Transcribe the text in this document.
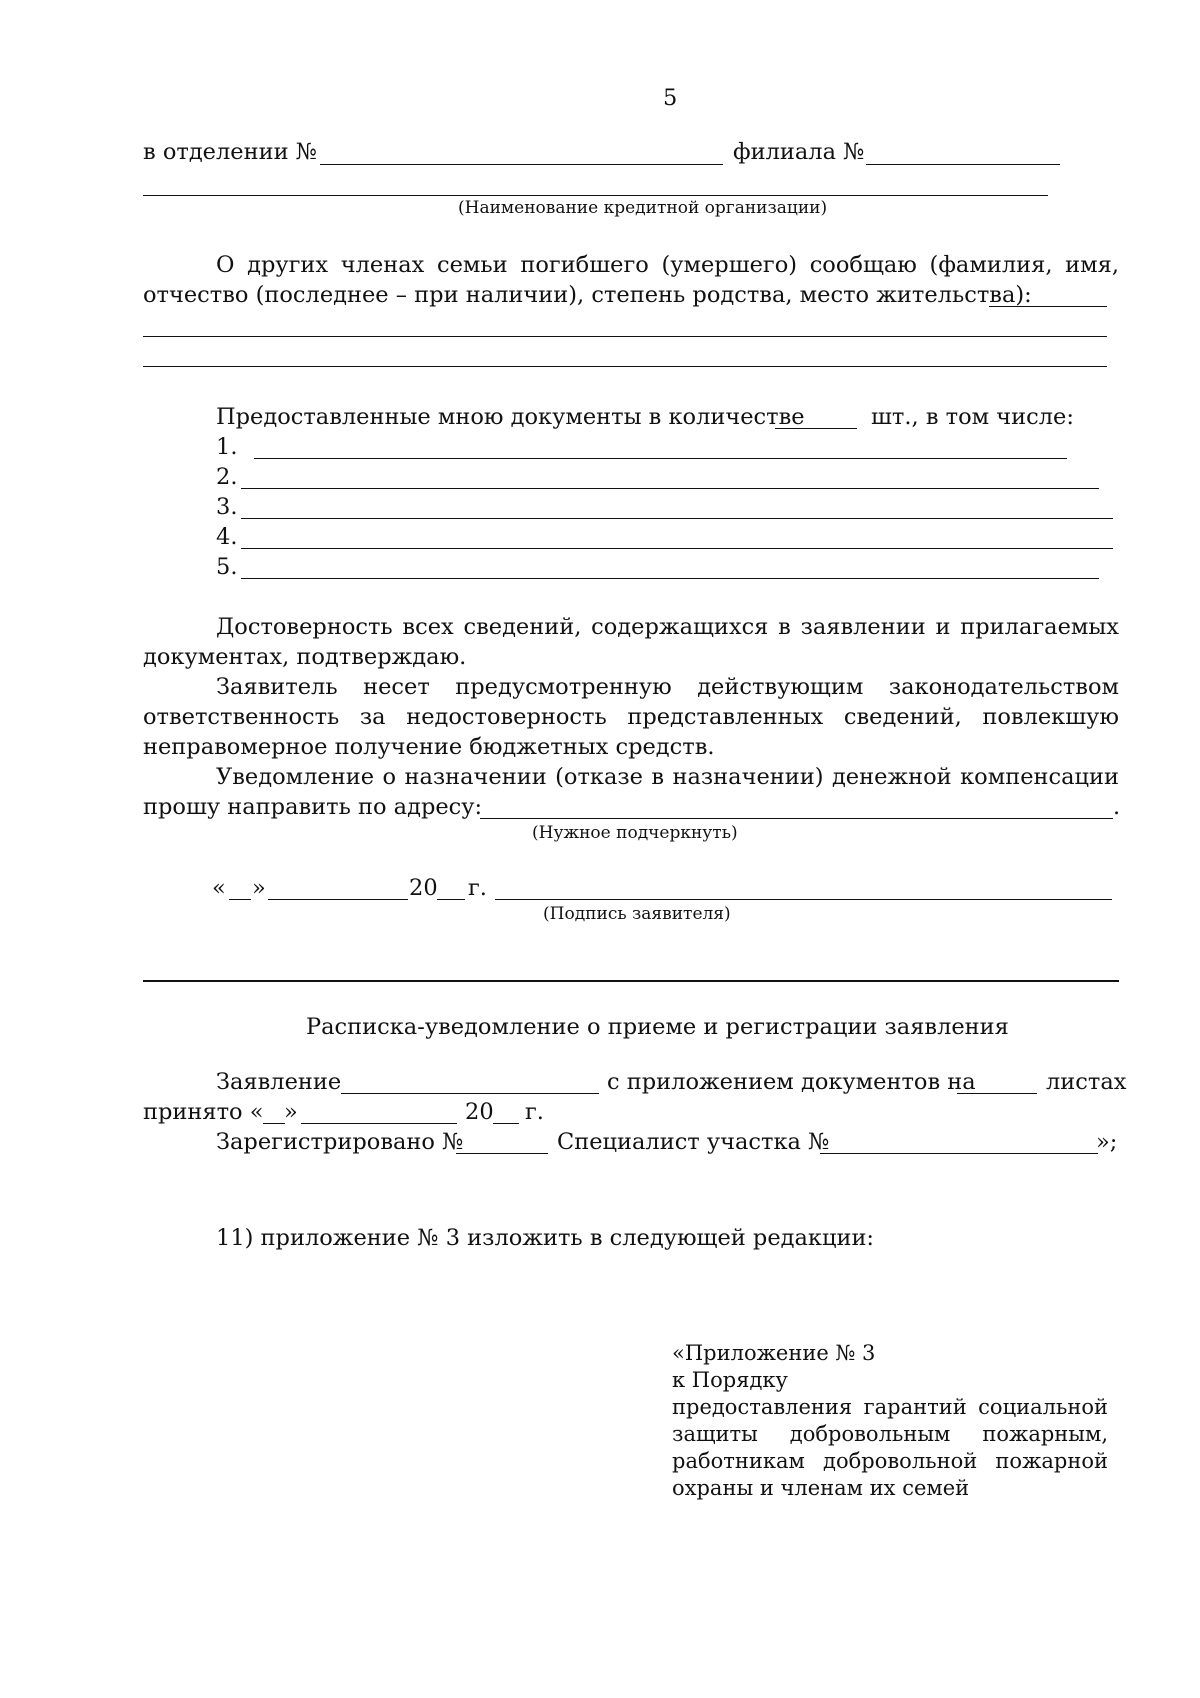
5
в отделении №	филиала №
(Наименование кредитной организации)
О других членах семьи погибшего (умершего) сообщаю (фамилия, имя,
отчество (последнее – при наличии), степень родства, место жительства):
Предоставленные мною документы в количестве	шт., в том числе:
1.
2.
3.
4.
5.

Достоверность всех сведений, содержащихся в заявлении и прилагаемых документах, подтверждаю.

Заявитель несет предусмотренную действующим законодательством ответственность за недостоверность представленных сведений, повлекшую неправомерное получение бюджетных средств.

Уведомление о назначении (отказе в назначении) денежной компенсации

прошу направить по адресу:	.
(Нужное подчеркнуть)
« »	20 г.
(Подпись заявителя)
Расписка-уведомление о приеме и регистрации заявления
Заявление	с приложением документов на	листах
принято « »	20 г.
Зарегистрировано №	Специалист участка №	»;
11) приложение № 3 изложить в следующей редакции:
«Приложение № 3
к Порядку
предоставления гарантий социальной
защиты добровольным пожарным,
работникам добровольной пожарной
охраны и членам их семей
